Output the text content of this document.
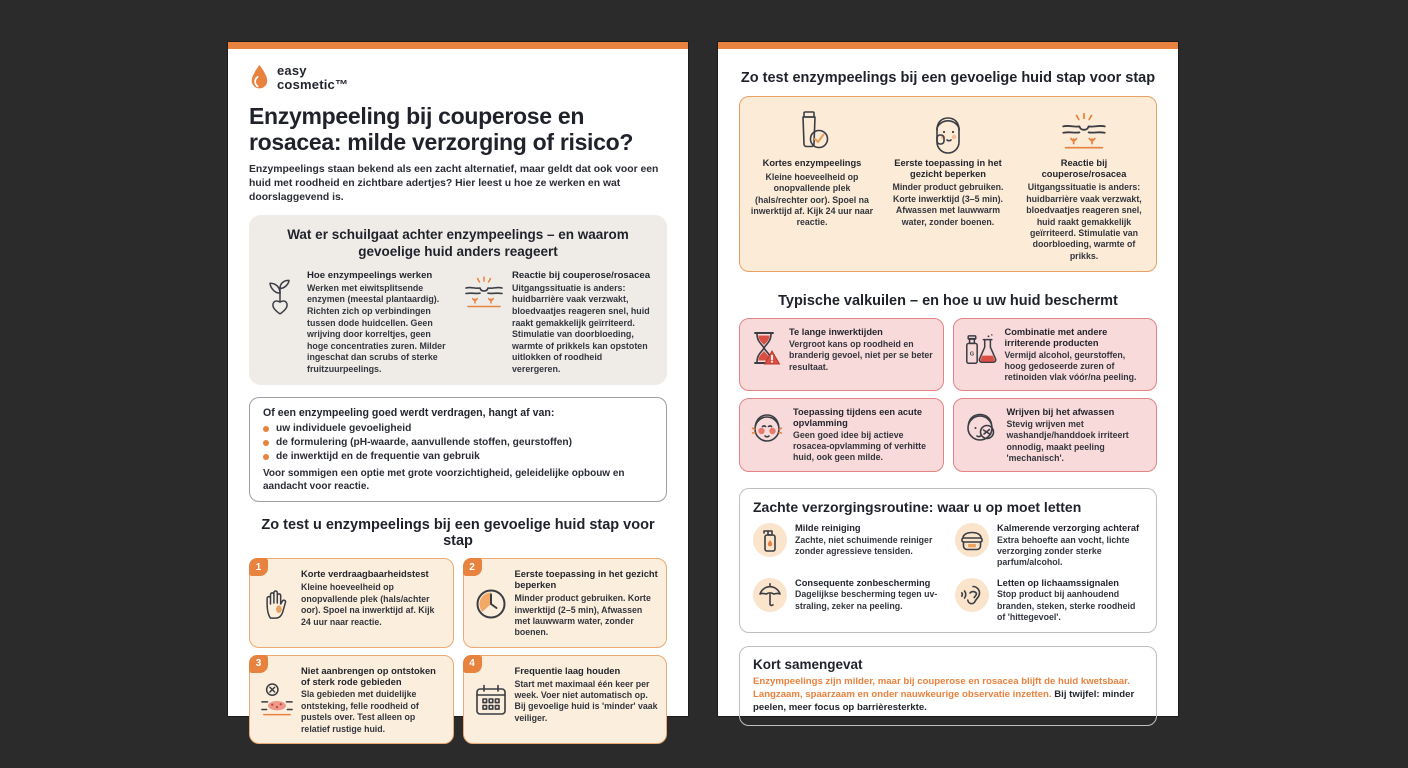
easy
cosmetic™
Enzympeeling bij couperose en rosacea: milde verzorging of risico?

Enzympeelings staan bekend als een zacht alternatief, maar geldt dat ook voor een huid met roodheid en zichtbare adertjes? Hier leest u hoe ze werken en wat doorslaggevend is.

Wat er schuilgaat achter enzympeelings – en waarom gevoelige huid anders reageert
Hoe enzympeelings werken
Werken met eiwitsplitsende enzymen (meestal plantaardig). Richten zich op verbindingen tussen dode huidcellen. Geen wrijving door korreltjes, geen hoge concentraties zuren. Milder ingeschat dan scrubs of sterke fruitzuurpeelings.
Reactie bij couperose/rosacea
Uitgangssituatie is anders: huidbarrière vaak verzwakt, bloedvaatjes reageren snel, huid raakt gemakkelijk geïrriteerd. Stimulatie van doorbloeding, warmte of prikkels kan opstoten uitlokken of roodheid verergeren.
Of een enzympeeling goed werdt verdragen, hangt af van:
uw individuele gevoeligheid
de formulering (pH-waarde, aanvullende stoffen, geurstoffen)
de inwerktijd en de frequentie van gebruik
Voor sommigen een optie met grote voorzichtigheid, geleidelijke opbouw en aandacht voor reactie.
Zo test u enzympeelings bij een gevoelige huid stap voor stap
1
Korte verdraagbaarheidstest
Kleine hoeveelheid op onopvallende plek (hals/achter oor). Spoel na inwerktijd af. Kijk 24 uur naar reactie.
2
Eerste toepassing in het gezicht beperken
Minder product gebruiken. Korte inwerktijd (2–5 min), Afwassen met lauwwarm water, zonder boenen.
3
Niet aanbrengen op ontstoken of sterk rode gebieden
Sla gebieden met duidelijke ontsteking, felle roodheid of pustels over. Test alleen op relatief rustige huid.
4
Frequentie laag houden
Start met maximaal één keer per week. Voer niet automatisch op. Bij gevoelige huid is 'minder' vaak veiliger.
Zo test enzympeelings bij een gevoelige huid stap voor stap
Kortes enzympeelings
Kleine hoeveelheid op onopvallende plek (hals/rechter oor). Spoel na inwerktijd af. Kijk 24 uur naar reactie.
Eerste toepassing in het gezicht beperken
Minder product gebruiken. Korte inwerktijd (3–5 min). Afwassen met lauwwarm water, zonder boenen.
Reactie bij couperose/rosacea
Uitgangssituatie is anders: huidbarrière vaak verzwakt, bloedvaatjes reageren snel, huid raakt gemakkelijk geïrriteerd. Stimulatie van doorbloeding, warmte of prikks.
Typische valkuilen – en hoe u uw huid beschermt
Te lange inwerktijden
Vergroot kans op roodheid en branderig gevoel, niet per se beter resultaat.
G
Combinatie met andere irriterende producten
Vermijd alcohol, geurstoffen, hoog gedoseerde zuren of retinoiden vlak vóór/na peeling.
Toepassing tijdens een acute opvlamming
Geen goed idee bij actieve rosacea-opvlamming of verhitte huid, ook geen milde.
Wrijven bij het afwassen
Stevig wrijven met washandje/handdoek irriteert onnodig, maakt peeling 'mechanisch'.
Zachte verzorgingsroutine: waar u op moet letten
Milde reiniging
Zachte, niet schuimende reiniger zonder agressieve tensiden.
Kalmerende verzorging achteraf
Extra behoefte aan vocht, lichte verzorging zonder sterke parfum/alcohol.
Consequente zonbescherming
Dagelijkse bescherming tegen uv-straling, zeker na peeling.
Letten op lichaamssignalen
Stop product bij aanhoudend branden, steken, sterke roodheid of 'hittegevoel'.
Kort samengevat

Enzympeelings zijn milder, maar bij couperose en rosacea blijft de huid kwetsbaar. Langzaam, spaarzaam en onder nauwkeurige observatie inzetten. Bij twijfel: minder peelen, meer focus op barrièresterkte.
